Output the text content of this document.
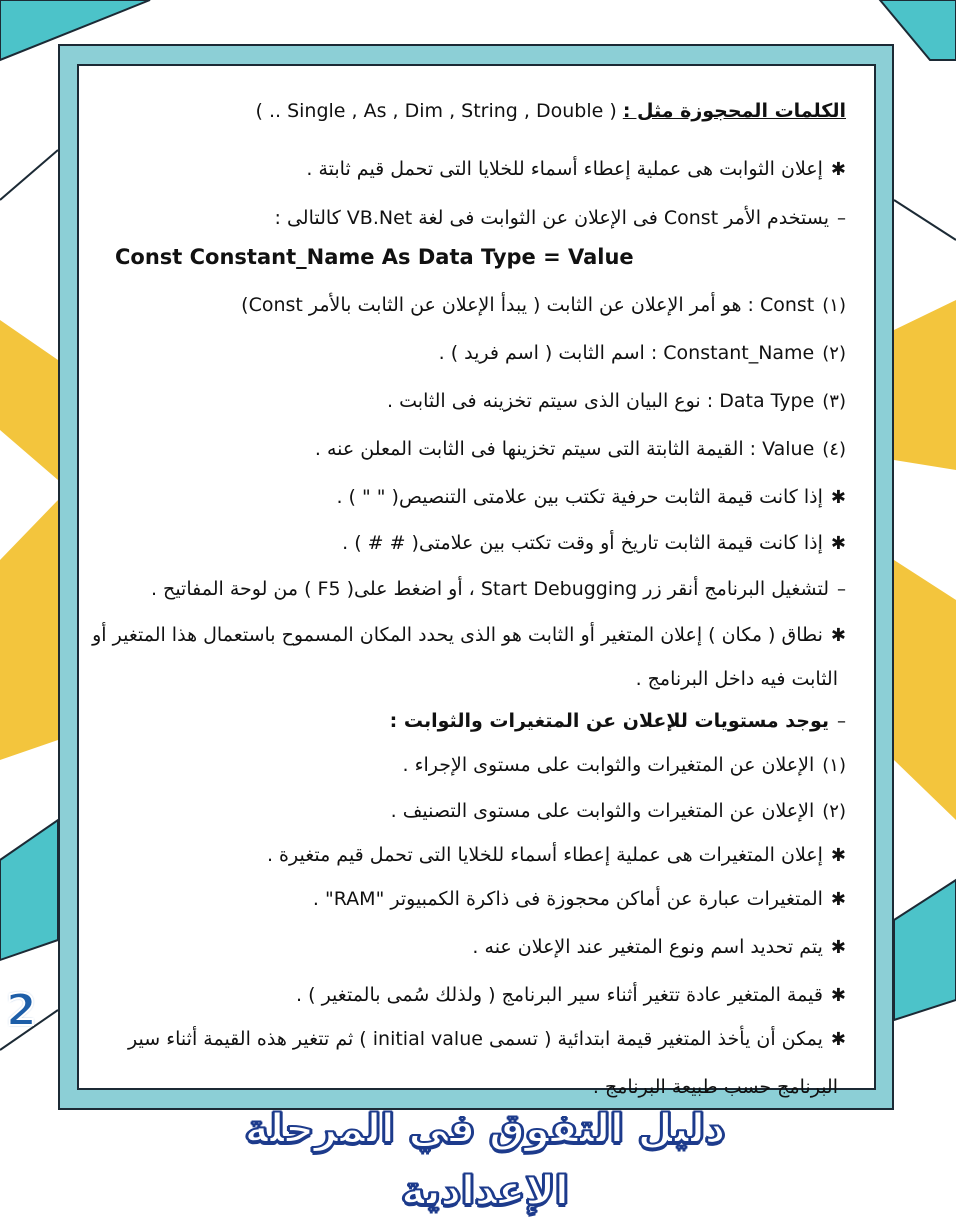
الكلمات المحجوزة مثل : ( .. Single , As , Dim , String , Double )
✱إعلان الثوابت هى عملية إعطاء أسماء للخلايا التى تحمل قيم ثابتة .
–يستخدم الأمر Const فى الإعلان عن الثوابت فى لغة VB.Net كالتالى :
Const Constant_Name As Data Type = Value
(١)Const : هو أمر الإعلان عن الثابت ( يبدأ الإعلان عن الثابت بالأمر Const)
(٢)Constant_Name : اسم الثابت ( اسم فريد ) .
(٣)Data Type : نوع البيان الذى سيتم تخزينه فى الثابت .
(٤)Value : القيمة الثابتة التى سيتم تخزينها فى الثابت المعلن عنه .
✱إذا كانت قيمة الثابت حرفية تكتب بين علامتى التنصيص( " " ) .
✱إذا كانت قيمة الثابت تاريخ أو وقت تكتب بين علامتى( # # ) .
–لتشغيل البرنامج أنقر زر Start Debugging ، أو اضغط على( F5 ) من لوحة المفاتيح .
✱نطاق ( مكان ) إعلان المتغير أو الثابت هو الذى يحدد المكان المسموح باستعمال هذا المتغير أو
الثابت فيه داخل البرنامج .
–يوجد مستويات للإعلان عن المتغيرات والثوابت :
(١)الإعلان عن المتغيرات والثوابت على مستوى الإجراء .
(٢)الإعلان عن المتغيرات والثوابت على مستوى التصنيف .
✱إعلان المتغيرات هى عملية إعطاء أسماء للخلايا التى تحمل قيم متغيرة .
✱المتغيرات عبارة عن أماكن محجوزة فى ذاكرة الكمبيوتر "RAM" .
✱يتم تحديد اسم ونوع المتغير عند الإعلان عنه .
✱قيمة المتغير عادة تتغير أثناء سير البرنامج ( ولذلك سُمى بالمتغير ) .
✱يمكن أن يأخذ المتغير قيمة ابتدائية ( تسمى initial value ) ثم تتغير هذه القيمة أثناء سير
البرنامج حسب طبيعة البرنامج .
2
دليل التفوق في المرحلة الإعدادية
